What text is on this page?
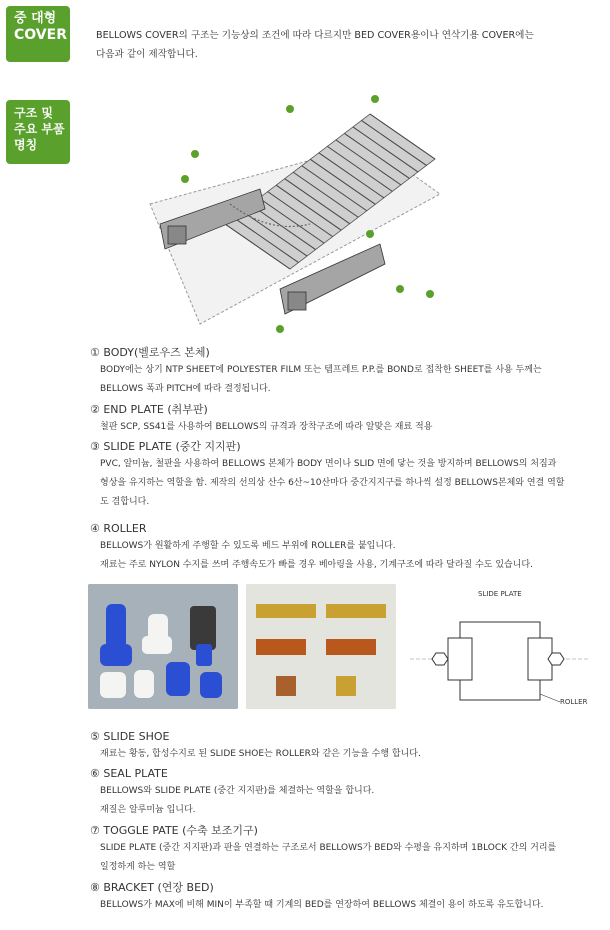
중 대형
COVER
구조 및
주요 부품
명칭
BELLOWS COVER의 구조는 기능상의 조건에 따라 다르지만 BED COVER용이나 연삭기용 COVER에는
다음과 같이 제작합니다.
① BODY(벨로우즈 본체)
BODY에는 상기 NTP SHEET에 POLYESTER FILM 또는 템프레트 P.P.를 BOND로 접착한 SHEET를 사용 두께는
BELLOWS 폭과 PITCH에 따라 결정됩니다.
② END PLATE (취부판)
철판 SCP, SS41를 사용하여 BELLOWS의 규격과 장착구조에 따라 알맞은 재료 적용
③ SLIDE PLATE (중간 지지판)
PVC, 알미늄, 철판을 사용하여 BELLOWS 본체가 BODY 면이나 SLID 면에 닿는 것을 방지하며 BELLOWS의 처짐과
형상을 유지하는 역할을 함. 제작의 선의상 산수 6산~10산마다 중간지지구를 하나씩 설정 BELLOWS본체와 연결 역할
도 겸합니다.
④ ROLLER
BELLOWS가 원활하게 주행할 수 있도록 베드 부위에 ROLLER를 붙입니다.
재료는 주로 NYLON 수지를 쓰며 주행속도가 빠를 경우 베아링을 사용, 기계구조에 따라 달라질 수도 있습니다.
SLIDE PLATE
ROLLER
⑤ SLIDE SHOE
재료는 황동, 합성수지로 된 SLIDE SHOE는 ROLLER와 같은 기능을 수행 합니다.
⑥ SEAL PLATE
BELLOWS와 SLIDE PLATE (중간 지지판)를 체결하는 역할을 합니다.
재질은 알루미늄 입니다.
⑦ TOGGLE PATE (수축 보조기구)
SLIDE PLATE (중간 지지판)과 판을 연결하는 구조로서 BELLOWS가 BED와 수평을 유지하며 1BLOCK 간의 거리를
일정하게 하는 역할
⑧ BRACKET (연장 BED)
BELLOWS가 MAX에 비해 MIN이 부족할 때 기계의 BED를 연장하여 BELLOWS 체결이 용이 하도록 유도합니다.
